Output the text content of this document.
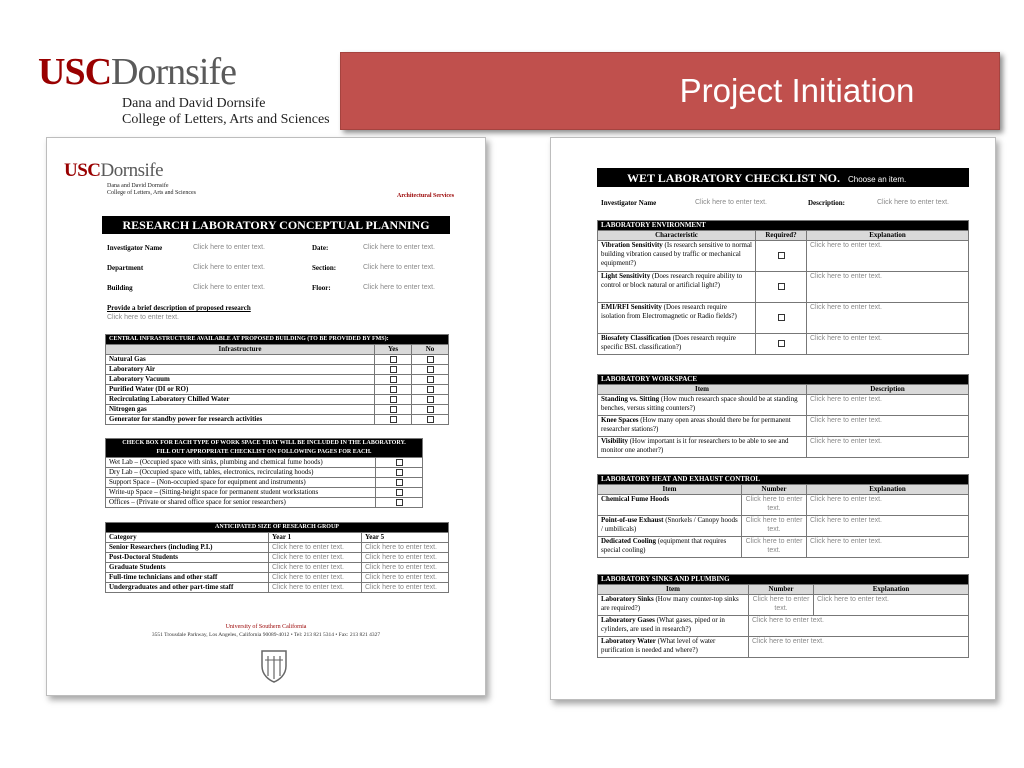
USCDornsife
Dana and David Dornsife
College of Letters, Arts and Sciences
Project Initiation
USCDornsife
Dana and David Dornsife
College of Letters, Arts and Sciences	Architectural Services
RESEARCH LABORATORY CONCEPTUAL PLANNING
Investigator Name	Click here to enter text.	Date:	Click here to enter text.
Department	Click here to enter text.	Section:	Click here to enter text.
Building	Click here to enter text.	Floor:	Click here to enter text.
Provide a brief description of proposed research
Click here to enter text.
CENTRAL INFRASTRUCTURE AVAILABLE AT PROPOSED BUILDING (TO BE PROVIDED BY FMS):		
Infrastructure	Yes	No
Natural Gas		
Laboratory Air		
Laboratory Vacuum		
Purified Water (DI or RO)		
Recirculating Laboratory Chilled Water		
Nitrogen gas		
Generator for standby power for research activities		
CHECK BOX FOR EACH TYPE OF WORK SPACE THAT WILL BE INCLUDED IN THE LABORATORY.
FILL OUT APPROPRIATE CHECKLIST ON FOLLOWING PAGES FOR EACH.	

Wet Lab – (Occupied space with sinks, plumbing and chemical fume hoods)	
Dry Lab – (Occupied space with, tables, electronics, recirculating hoods)	
Support Space – (Non-occupied space for equipment and instruments)	
Write-up Space – (Sitting-height space for permanent student workstations	
Offices – (Private or shared office space for senior researchers)	
ANTICIPATED SIZE OF RESEARCH GROUP		
Category	Year 1	Year 5
Senior Researchers (including P.I.)	Click here to enter text.	Click here to enter text.
Post-Doctoral Students	Click here to enter text.	Click here to enter text.
Graduate Students	Click here to enter text.	Click here to enter text.
Full-time technicians and other staff	Click here to enter text.	Click here to enter text.
Undergraduates and other part-time staff	Click here to enter text.	Click here to enter text.
University of Southern California
3551 Trousdale Parkway, Los Angeles, California 90089-4012 • Tel: 213 821 5314 • Fax: 213 821 4327
WET LABORATORY CHECKLIST NO. Choose an item.
Investigator Name	Click here to enter text.	Description:	Click here to enter text.
LABORATORY ENVIRONMENT		
Characteristic	Required?	Explanation
Vibration Sensitivity (Is research sensitive to normal building vibration caused by traffic or mechanical equipment?)		Click here to enter text.
Light Sensitivity (Does research require ability to control or block natural or artificial light?)		Click here to enter text.
EMI/RFI Sensitivity (Does research require isolation from Electromagnetic or Radio fields?)		Click here to enter text.
Biosafety Classification (Does research require specific BSL classification?)		Click here to enter text.
LABORATORY WORKSPACE	
Item	Description
Standing vs. Sitting (How much research space should be at standing benches, versus sitting counters?)	Click here to enter text.
Knee Spaces (How many open areas should there be for permanent researcher stations?)	Click here to enter text.
Visibility (How important is it for researchers to be able to see and monitor one another?)	Click here to enter text.
LABORATORY HEAT AND EXHAUST CONTROL		
Item	Number	Explanation
Chemical Fume Hoods	Click here to enter text.	Click here to enter text.
Point-of-use Exhaust (Snorkels / Canopy hoods / umbilicals)	Click here to enter text.	Click here to enter text.
Dedicated Cooling (equipment that requires special cooling)	Click here to enter text.	Click here to enter text.
LABORATORY SINKS AND PLUMBING		
Item	Number	Explanation
Laboratory Sinks (How many counter-top sinks are required?)	Click here to enter text.	Click here to enter text.
Laboratory Gases (What gases, piped or in cylinders, are used in research?)	Click here to enter text.	
Laboratory Water (What level of water purification is needed and where?)	Click here to enter text.	
